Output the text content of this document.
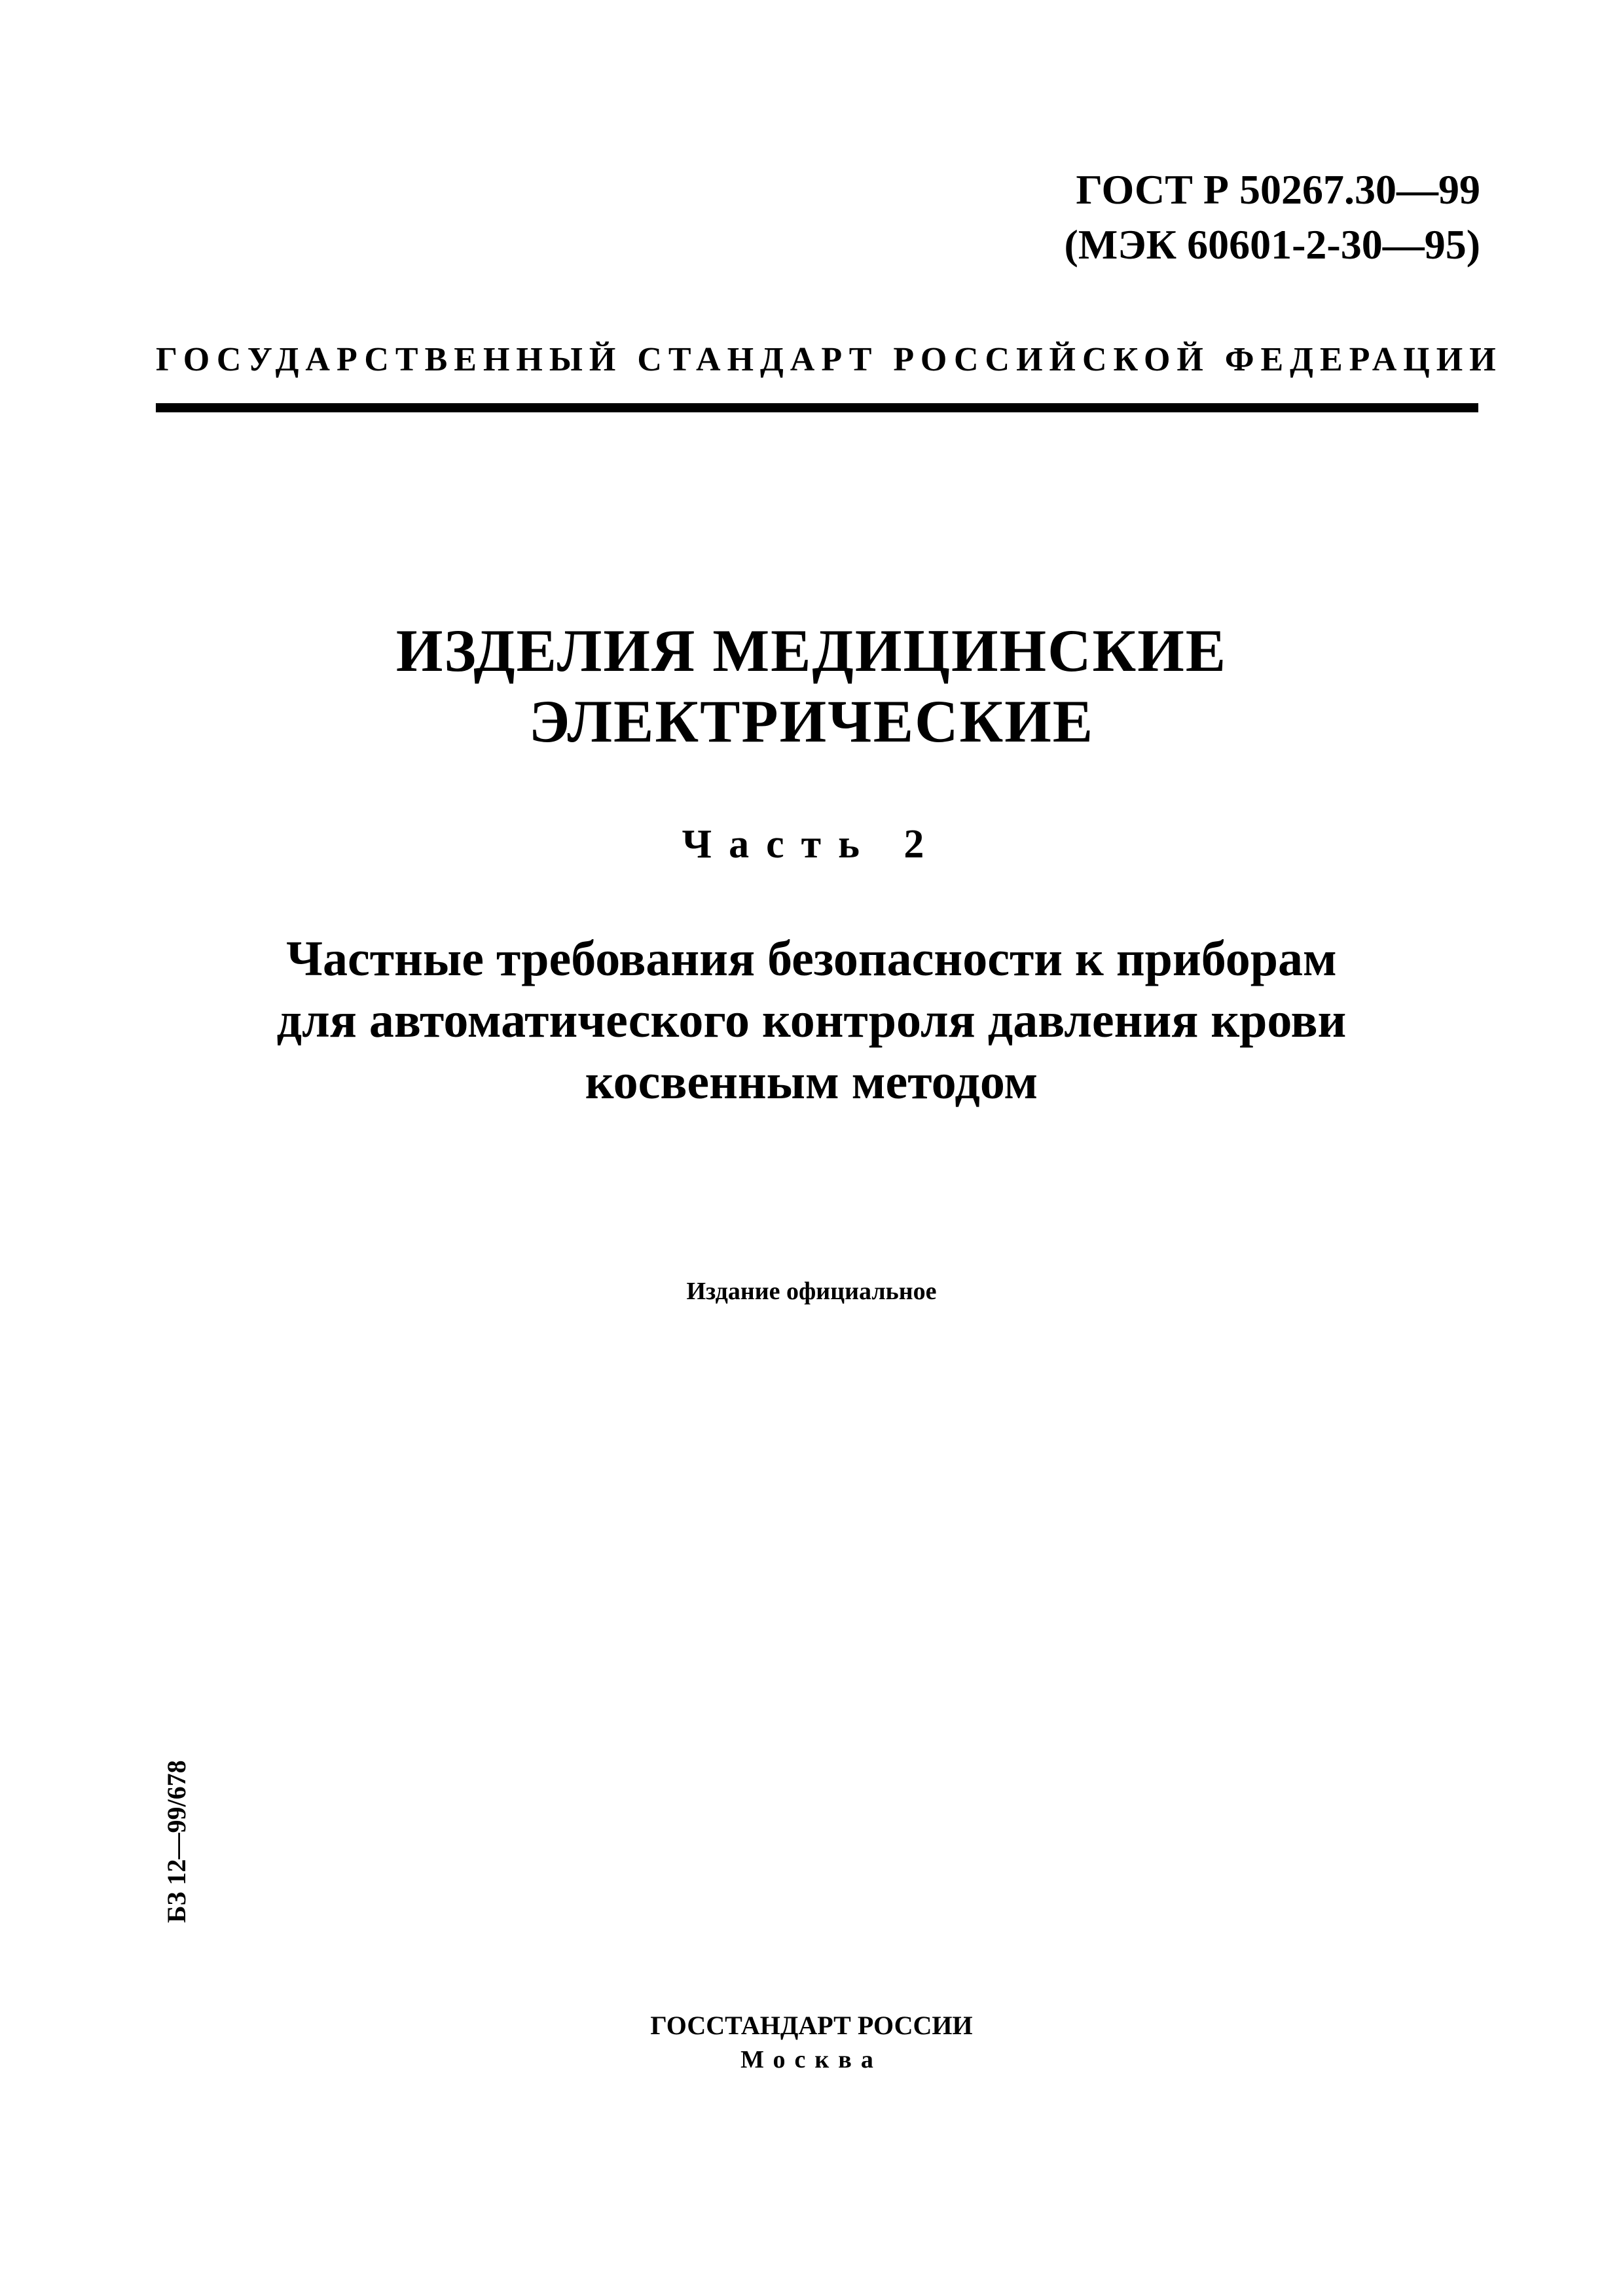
ГОСТ Р 50267.30—99
(МЭК 60601-2-30—95)
ГОСУДАРСТВЕННЫЙ СТАНДАРТ РОССИЙСКОЙ ФЕДЕРАЦИИ
ИЗДЕЛИЯ МЕДИЦИНСКИЕ
ЭЛЕКТРИЧЕСКИЕ
Часть 2
Частные требования безопасности к приборам
для автоматического контроля давления крови
косвенным методом
Издание официальное
БЗ 12—99/678
ГОССТАНДАРТ РОССИИ
Москва
